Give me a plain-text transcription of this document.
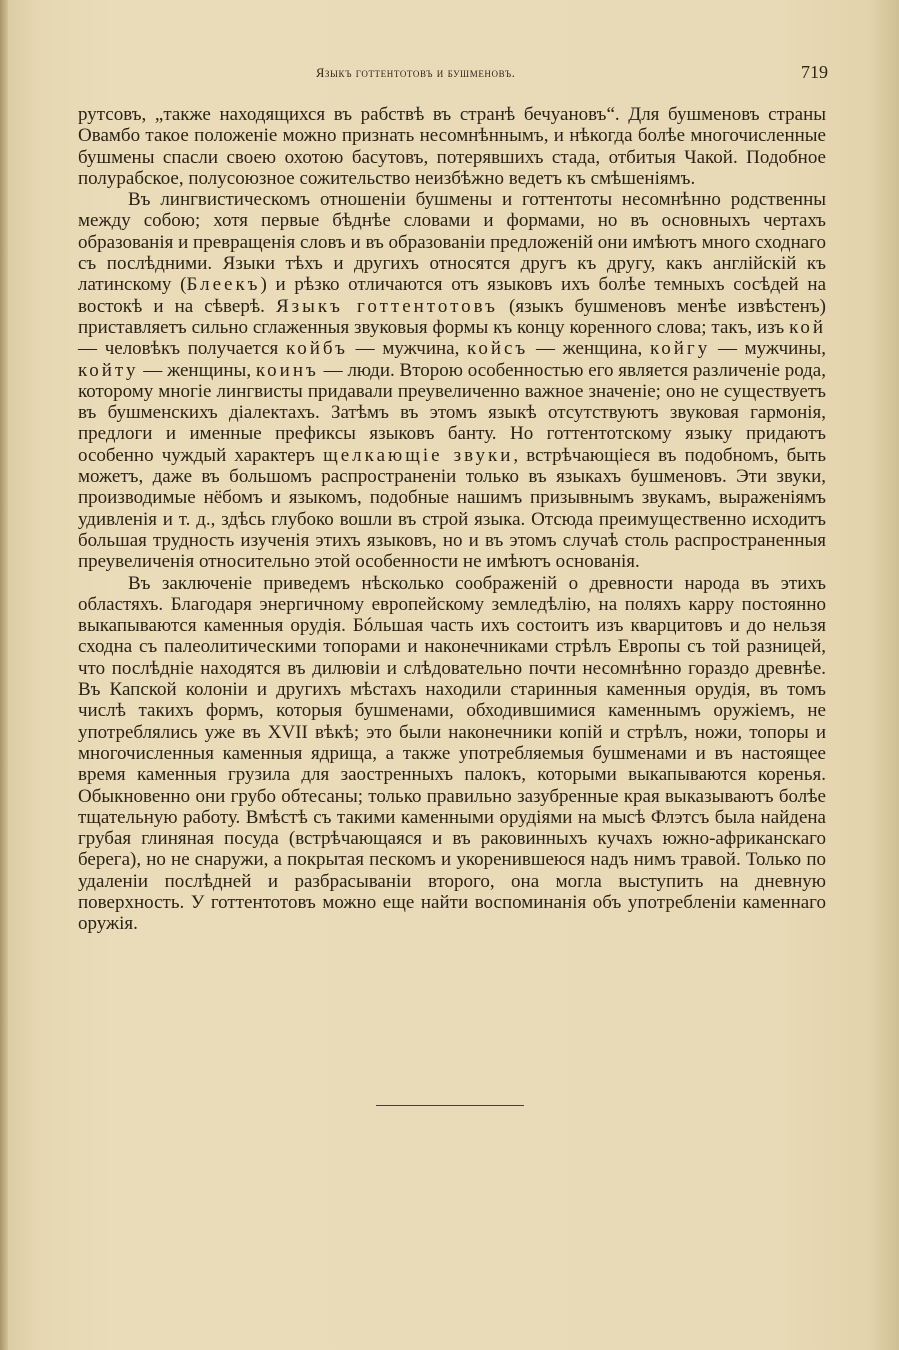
Языкъ готтентотовъ и бушменовъ.	719

рутсовъ, „также находящихся въ рабствѣ въ странѣ бечуановъ“. Для бушменовъ страны Овамбо такое положеніе можно признать несомнѣннымъ, и нѣкогда болѣе многочисленные бушмены спасли своею охотою басутовъ, потерявшихъ стада, отбитыя Чакой. Подобное полурабское, полусоюзное сожительство неизбѣжно ведетъ къ смѣшеніямъ.

Въ лингвистическомъ отношеніи бушмены и готтентоты несомнѣнно родственны между собою; хотя первые бѣднѣе словами и формами, но въ основныхъ чертахъ образованія и превращенія словъ и въ образованіи предложеній они имѣютъ много сходнаго съ послѣдними. Языки тѣхъ и другихъ относятся другъ къ другу, какъ англійскій къ латинскому (Блеекъ) и рѣзко отличаются отъ языковъ ихъ болѣе темныхъ сосѣдей на востокѣ и на сѣверѣ. Языкъ готтентотовъ (языкъ бушменовъ менѣе извѣстенъ) приставляетъ сильно сглаженныя звуковыя формы къ концу коренного слова; такъ, изъ кой — человѣкъ получается койбъ — мужчина, койсъ — женщина, койгу — мужчины, койту — женщины, коинъ — люди. Второю особенностью его является различеніе рода, которому многіе лингвисты придавали преувеличенно важное значеніе; оно не существуетъ въ бушменскихъ діалектахъ. Затѣмъ въ этомъ языкѣ отсутствуютъ звуковая гармонія, предлоги и именные префиксы языковъ банту. Но готтентотскому языку придаютъ особенно чуждый характеръ щелкающіе звуки, встрѣчающіеся въ подобномъ, быть можетъ, даже въ большомъ распространеніи только въ языкахъ бушменовъ. Эти звуки, производимые нёбомъ и языкомъ, подобные нашимъ призывнымъ звукамъ, выраженіямъ удивленія и т. д., здѣсь глубоко вошли въ строй языка. Отсюда преимущественно исходитъ большая трудность изученія этихъ языковъ, но и въ этомъ случаѣ столь распространенныя преувеличенія относительно этой особенности не имѣютъ основанія.

Въ заключеніе приведемъ нѣсколько соображеній о древности народа въ этихъ областяхъ. Благодаря энергичному европейскому земледѣлію, на поляхъ карру постоянно выкапываются каменныя орудія. Бóльшая часть ихъ состоитъ изъ кварцитовъ и до нельзя сходна съ палеолитическими топорами и наконечниками стрѣлъ Европы съ той разницей, что послѣдніе находятся въ дилювіи и слѣдовательно почти несомнѣнно гораздо древнѣе. Въ Капской колоніи и другихъ мѣстахъ находили старинныя каменныя орудія, въ томъ числѣ такихъ формъ, которыя бушменами, обходившимися каменнымъ оружіемъ, не употреблялись уже въ XVII вѣкѣ; это были наконечники копій и стрѣлъ, ножи, топоры и многочисленныя каменныя ядрища, а также употребляемыя бушменами и въ настоящее время каменныя грузила для заостренныхъ палокъ, которыми выкапываются коренья. Обыкновенно они грубо обтесаны; только правильно зазубренные края выказываютъ болѣе тщательную работу. Вмѣстѣ съ такими каменными орудіями на мысѣ Флэтсъ была найдена грубая глиняная посуда (встрѣчающаяся и въ раковинныхъ кучахъ южно-африканскаго берега), но не снаружи, а покрытая пескомъ и укоренившеюся надъ нимъ травой. Только по удаленіи послѣдней и разбрасываніи второго, она могла выступить на дневную поверхность. У готтентотовъ можно еще найти воспоминанія объ употребленіи каменнаго оружія.
